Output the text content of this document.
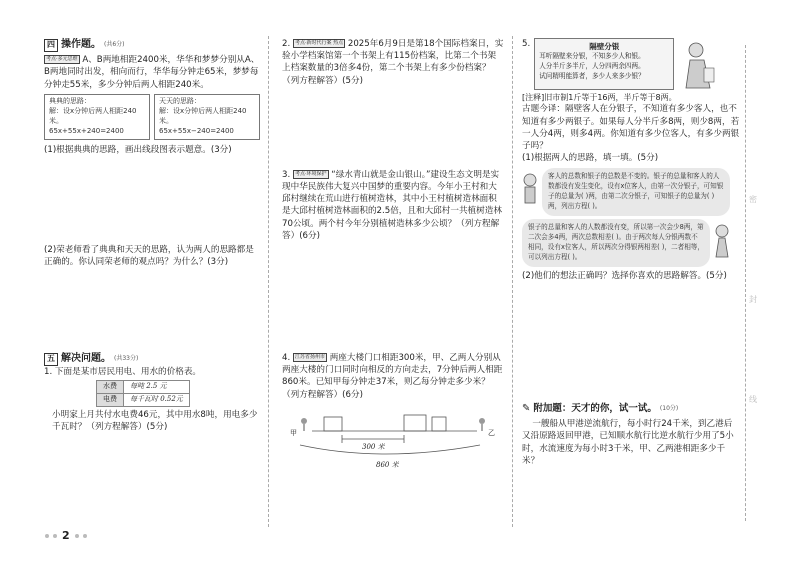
密
封
线
四 操作题。 (共6分)
考点·多元思维 A、B两地相距2400米，华华和梦梦分别从A、B两地同时出发，相向而行，华华每分钟走65米，梦梦每分钟走55米，多少分钟后两人相距240米。
典典的思路：
解：设x分钟后两人相距240米。
65x+55x+240=2400
天天的思路：
解：设x分钟后两人相距240米。
65x+55x−240=2400
(1)根据典典的思路，画出线段图表示题意。(3分)
(2)荣老师看了典典和天天的思路，认为两人的思路都是正确的。你认同荣老师的观点吗？为什么？(3分)
五 解决问题。 (共33分)
1. 下面是某市居民用电、用水的价格表。
水费	每吨 2.5 元
电费	每千瓦时 0.52元
小明家上月共付水电费46元，其中用水8吨，用电多少千瓦时？（列方程解答）(5分)
2. 考点·新时代行案 热点 2025年6月9日是第18个国际档案日，实验小学档案馆第一个书架上有115份档案，比第二个书架上档案数量的3倍多4份，第二个书架上有多少份档案？（列方程解答）(5分)
3. 考点·环境保护 “绿水青山就是金山银山。”建设生态文明是实现中华民族伟大复兴中国梦的重要内容。今年小王村和大邱村继续在荒山进行植树造林，其中小王村植树造林面积是大邱村植树造林面积的2.5倍，且和大邱村一共植树造林70公顷。两个村今年分别植树造林多少公顷？（列方程解答）(6分)
4. 江苏省扬州市 两座大楼门口相距300米，甲、乙两人分别从两座大楼的门口同时向相反的方向走去，7分钟后两人相距860米。已知甲每分钟走37米，则乙每分钟走多少米？（列方程解答）(6分)
甲	乙
300 米
860 米
5.	隔壁分银
耳听隔壁来分银，不知多少人和银。
人分半斤多半斤，人分四两余四两。
试问精明能算者，多少人来多少银？
[注释]旧市制1斤等于16两，半斤等于8两。
古题今译：隔壁客人在分银子，不知道有多少客人，也不知道有多少两银子。如果每人分半斤多8两，则少8两，若一人分4两，则多4两。你知道有多少位客人，有多少两银子吗？
(1)根据两人的思路，填一填。(5分)
客人的总数和银子的总数是不变的。银子的总量和客人的人数都没有发生变化，设有x位客人，由第一次分银子，可知银子的总量为( )两，由第二次分银子，可知银子的总量为( )两，列出方程( )。
银子的总量和客人的人数都没有变，所以第一次会少8两，第二次会多4两，两次总数相差( )。由于两次每人分银两数不相同，设有x位客人，所以两次分得银两相差( )，二者相等，可以列出方程( )。
(2)他们的想法正确吗？选择你喜欢的思路解答。(5分)
✎ 附加题：天才的你，试一试。 (10分)
一艘船从甲港逆流航行，每小时行24千米，到乙港后又沿原路返回甲港，已知顺水航行比逆水航行少用了5小时，水流速度为每小时3千米，甲、乙两港相距多少千米？
2
